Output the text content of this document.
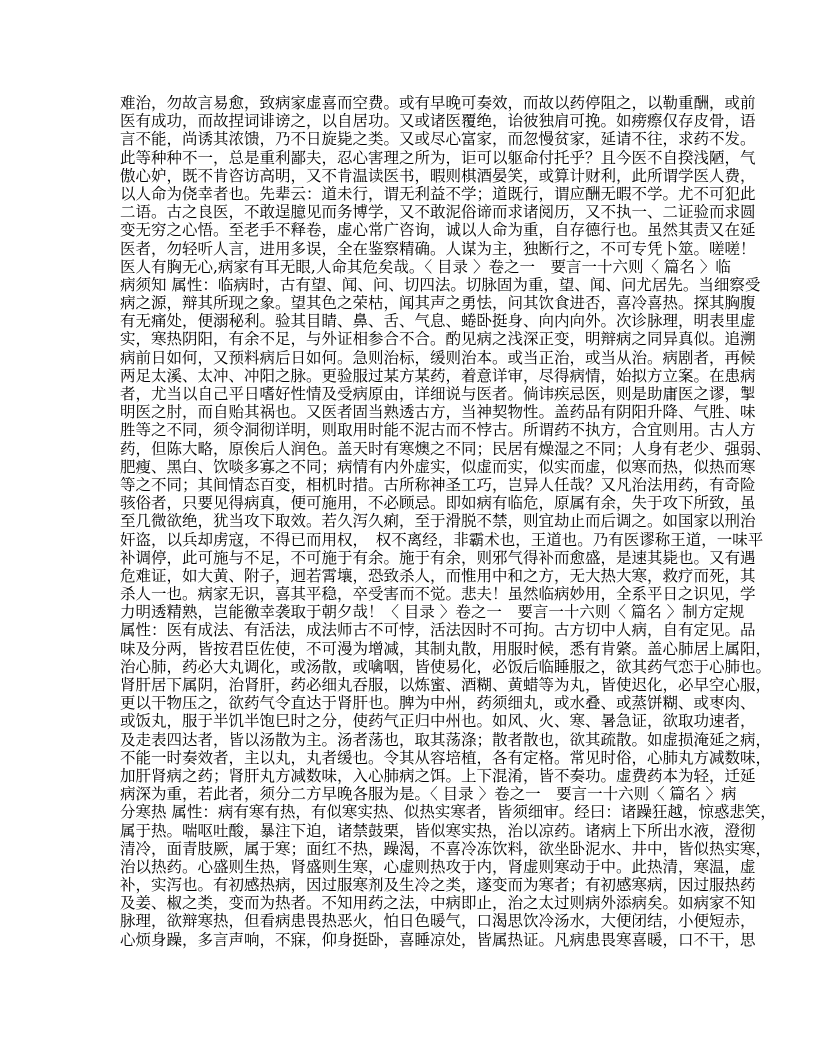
难治，勿故言易愈，致病家虚喜而空费。或有早晚可奏效，而故以药停阻之，以勒重酬，或前
医有成功，而故捏词诽谤之，以自居功。又或诸医覆绝，诒彼独肩可挽。如痨瘵仅存皮骨，语
言不能，尚诱其浓馈，乃不日旋毙之类。又或尽心富家，而忽慢贫家，延请不往，求药不发。
此等种种不一，总是重利鄙夫，忍心害理之所为，讵可以躯命付托乎？且今医不自揆浅陋，气
傲心妒，既不肯咨访高明，又不肯温读医书，暇则棋酒晏笑，或算计财利，此所谓学医人费，
以人命为侥幸者也。先辈云：道未行，谓无利益不学；道既行，谓应酬无暇不学。尤不可犯此
二语。古之良医，不敢逞臆见而务博学，又不敢泥俗谛而求诸阅历，又不执一、二证验而求圆
变无穷之心悟。至老手不释卷，虚心常广咨询，诚以人命为重，自存德行也。虽然其责又在延
医者，勿轻听人言，进用多误，全在鉴察精确。人谋为主，独断行之，不可专凭卜筮。嗟嗟！
医人有胸无心,病家有耳无眼,人命其危矣哉。〈 目录 〉卷之一　要言一十六则〈 篇名 〉临
病须知 属性：临病时，古有望、闻、问、切四法。切脉固为重，望、闻、问尤居先。当细察受
病之源，辩其所现之象。望其色之荣枯，闻其声之勇怯，问其饮食进否，喜冷喜热。探其胸腹
有无痛处，便溺秘利。验其目睛、鼻、舌、气息、蜷卧挺身、向内向外。次诊脉理，明表里虚
实，寒热阴阳，有余不足，与外证相参合不合。酌见病之浅深正变，明辩病之同异真似。追溯
病前日如何，又预料病后日如何。急则治标，缓则治本。或当正治，或当从治。病剧者，再候
两足太溪、太冲、冲阳之脉。更验服过某方某药，着意详审，尽得病情，始拟方立案。在患病
者，尤当以自己平日嗜好性情及受病原由，详细说与医者。倘讳疾忌医，则是助庸医之谬，掣
明医之肘，而自贻其祸也。又医者固当熟透古方，当神契物性。盖药品有阴阳升降、气胜、味
胜等之不同，须令洞彻详明，则取用时能不泥古而不悖古。所谓药不执方，合宜则用。古人方
药，但陈大略，原俟后人润色。盖天时有寒燠之不同；民居有燥湿之不同；人身有老少、强弱、
肥瘦、黑白、饮啖多寡之不同；病情有内外虚实，似虚而实，似实而虚，似寒而热，似热而寒
等之不同；其间情态百变，相机时措。古所称神圣工巧，岂异人任哉？又凡治法用药，有奇险
骇俗者，只要见得病真，便可施用，不必顾忌。即如病有临危，原属有余，失于攻下所致，虽
至几微欲绝，犹当攻下取效。若久泻久痢，至于滑脱不禁，则宜劫止而后调之。如国家以刑治
奸盗，以兵却虏寇，不得已而用权，　权不离经，非霸术也，王道也。乃有医谬称王道，一味平
补调停，此可施与不足，不可施于有余。施于有余，则邪气得补而愈盛，是速其毙也。又有遇
危难证，如大黄、附子，迥若霄壤，恐致杀人，而惟用中和之方，无大热大寒，救疗而死，其
杀人一也。病家无识，喜其平稳，卒受害而不觉。悲夫！虽然临病妙用，全系平日之识见，学
力明透精熟，岂能徼幸袭取于朝夕哉！〈 目录 〉卷之一　要言一十六则〈 篇名 〉制方定规
属性：医有成法、有活法，成法师古不可悖，活法因时不可拘。古方切中人病，自有定见。品
味及分两，皆按君臣佐使，不可漫为增减，其制丸散，用服时候，悉有肯綮。盖心肺居上属阳，
治心肺，药必大丸调化，或汤散，或噙咽，皆使易化，必饭后临睡服之，欲其药气恋于心肺也。
肾肝居下属阴，治肾肝，药必细丸吞服，以炼蜜、酒糊、黄蜡等为丸，皆使迟化，必早空心服，
更以干物压之，欲药气令直达于肾肝也。脾为中州，药须细丸，或水叠、或蒸饼糊、或枣肉、
或饭丸，服于半饥半饱巳时之分，使药气正归中州也。如风、火、寒、暑急证，欲取功速者，
及走表四达者，皆以汤散为主。汤者荡也，取其荡涤；散者散也，欲其疏散。如虚损淹延之病，
不能一时奏效者，主以丸，丸者缓也。令其从容培植，各有定格。常见时俗，心肺丸方减数味，
加肝肾病之药；肾肝丸方减数味，入心肺病之饵。上下混淆，皆不奏功。虚费药本为轻，迁延
病深为重，若此者，须分二方早晚各服为是。〈 目录 〉卷之一　要言一十六则〈 篇名 〉病
分寒热 属性：病有寒有热，有似寒实热、似热实寒者，皆须细审。经曰：诸躁狂越，惊惑悲笑，
属于热。喘呕吐酸，暴注下迫，诸禁鼓栗，皆似寒实热，治以凉药。诸病上下所出水液，澄彻
清冷，面青肢厥，属于寒；面红不热，躁渴，不喜冷冻饮料，欲坐卧泥水、井中，皆似热实寒，
治以热药。心盛则生热，肾盛则生寒，心虚则热攻于内，肾虚则寒动于中。此热清，寒温，虚
补，实泻也。有初感热病，因过服寒剂及生冷之类，遂变而为寒者；有初感寒病，因过服热药
及姜、椒之类，变而为热者。不知用药之法，中病即止，治之太过则病外添病矣。如病家不知
脉理，欲辩寒热，但看病患畏热恶火，怕日色暖气，口渴思饮冷汤水，大便闭结，小便短赤，
心烦身躁，多言声响，不寐，仰身挺卧，喜睡凉处，皆属热证。凡病患畏寒喜暖，口不干，思
